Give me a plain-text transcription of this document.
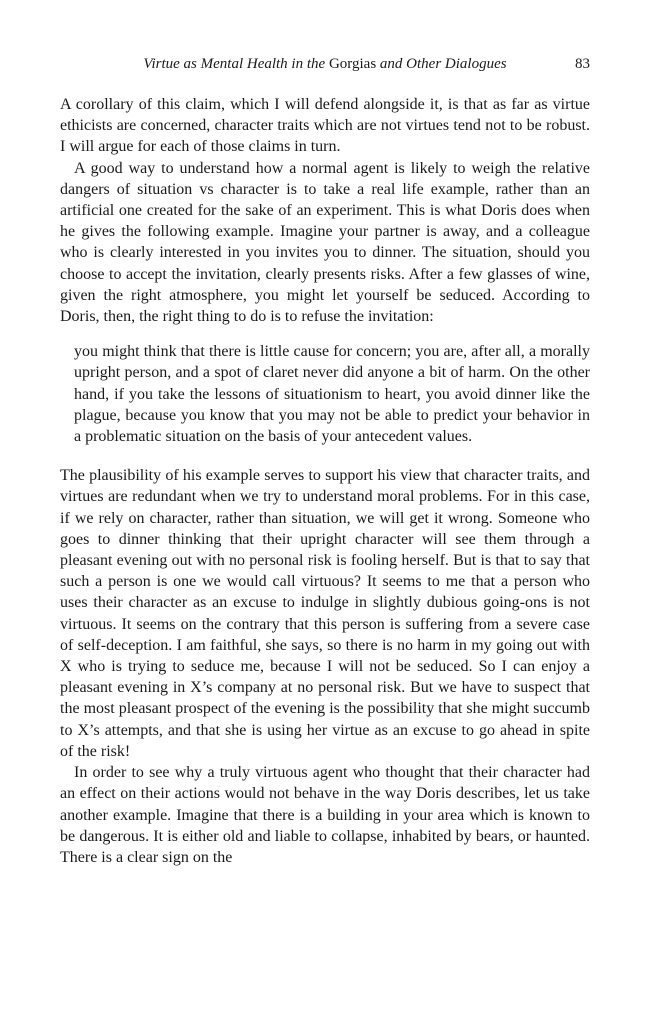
Virtue as Mental Health in the Gorgias and Other Dialogues	83

A corollary of this claim, which I will defend alongside it, is that as far as virtue ethicists are concerned, character traits which are not virtues tend not to be robust. I will argue for each of those claims in turn.

A good way to understand how a normal agent is likely to weigh the relative dangers of situation vs character is to take a real life example, rather than an artificial one created for the sake of an experiment. This is what Doris does when he gives the following example. Imagine your partner is away, and a colleague who is clearly interested in you invites you to dinner. The situation, should you choose to accept the invitation, clearly presents risks. After a few glasses of wine, given the right atmosphere, you might let yourself be seduced. According to Doris, then, the right thing to do is to refuse the invitation:

you might think that there is little cause for concern; you are, after all, a morally upright person, and a spot of claret never did anyone a bit of harm. On the other hand, if you take the lessons of situationism to heart, you avoid dinner like the plague, because you know that you may not be able to predict your behavior in a problematic situation on the basis of your antecedent values.

The plausibility of his example serves to support his view that character traits, and virtues are redundant when we try to understand moral problems. For in this case, if we rely on character, rather than situation, we will get it wrong. Someone who goes to dinner thinking that their upright character will see them through a pleasant evening out with no personal risk is fooling herself. But is that to say that such a person is one we would call virtuous? It seems to me that a person who uses their character as an excuse to indulge in slightly dubious going-ons is not virtuous. It seems on the contrary that this person is suffering from a severe case of self-deception. I am faithful, she says, so there is no harm in my going out with X who is trying to seduce me, because I will not be seduced. So I can enjoy a pleasant evening in X’s company at no personal risk. But we have to suspect that the most pleasant prospect of the evening is the possibility that she might succumb to X’s attempts, and that she is using her virtue as an excuse to go ahead in spite of the risk!

In order to see why a truly virtuous agent who thought that their character had an effect on their actions would not behave in the way Doris describes, let us take another example. Imagine that there is a building in your area which is known to be dangerous. It is either old and liable to collapse, inhabited by bears, or haunted. There is a clear sign on the
